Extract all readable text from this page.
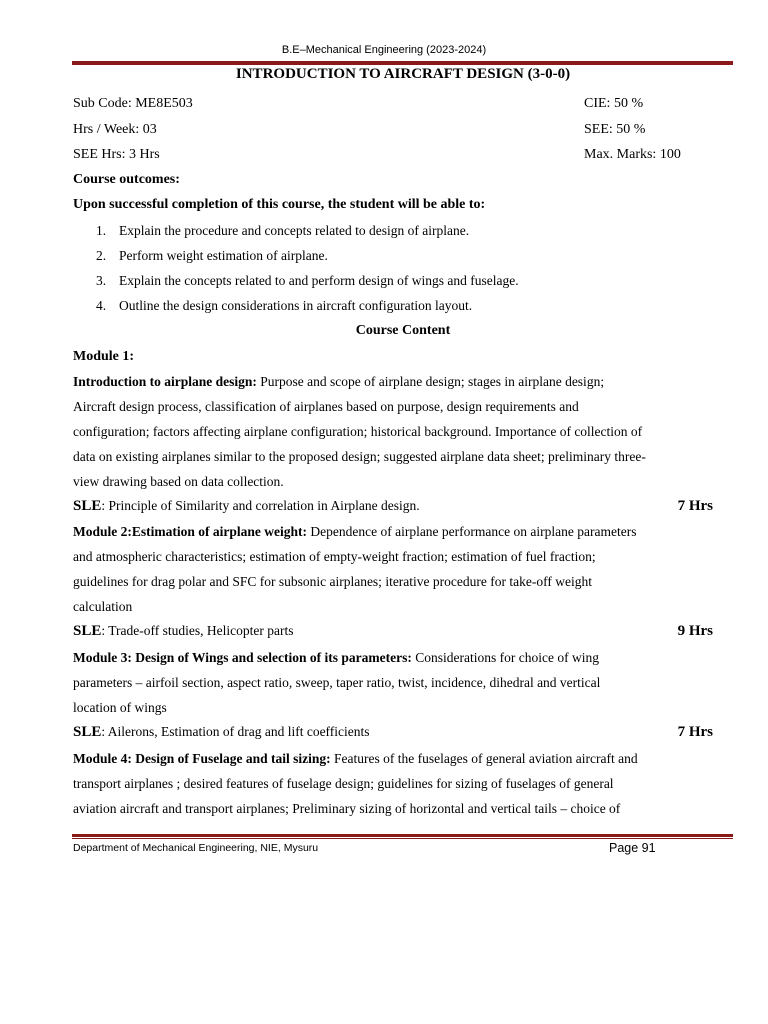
B.E–Mechanical Engineering (2023-2024)
INTRODUCTION TO AIRCRAFT DESIGN (3-0-0)
Sub Code: ME8E503	CIE: 50 %
Hrs / Week: 03	SEE: 50 %
SEE Hrs: 3 Hrs	Max. Marks: 100
Course outcomes:
Upon successful completion of this course, the student will be able to:
1. Explain the procedure and concepts related to design of airplane.
2. Perform weight estimation of airplane.
3. Explain the concepts related to and perform design of wings and fuselage.
4. Outline the design considerations in aircraft configuration layout.
Course Content
Module 1:
Introduction to airplane design: Purpose and scope of airplane design; stages in airplane design;
Aircraft design process, classification of airplanes based on purpose, design requirements and
configuration; factors affecting airplane configuration; historical background. Importance of collection of
data on existing airplanes similar to the proposed design; suggested airplane data sheet; preliminary three-
view drawing based on data collection.
SLE: Principle of Similarity and correlation in Airplane design.	7 Hrs
Module 2:Estimation of airplane weight: Dependence of airplane performance on airplane parameters
and atmospheric characteristics; estimation of empty-weight fraction; estimation of fuel fraction;
guidelines for drag polar and SFC for subsonic airplanes; iterative procedure for take-off weight
calculation
SLE: Trade-off studies, Helicopter parts	9 Hrs
Module 3: Design of Wings and selection of its parameters: Considerations for choice of wing
parameters – airfoil section, aspect ratio, sweep, taper ratio, twist, incidence, dihedral and vertical
location of wings
SLE: Ailerons, Estimation of drag and lift coefficients	7 Hrs
Module 4: Design of Fuselage and tail sizing: Features of the fuselages of general aviation aircraft and
transport airplanes ; desired features of fuselage design; guidelines for sizing of fuselages of general
aviation aircraft and transport airplanes; Preliminary sizing of horizontal and vertical tails – choice of
Department of Mechanical Engineering, NIE, Mysuru	Page 91
